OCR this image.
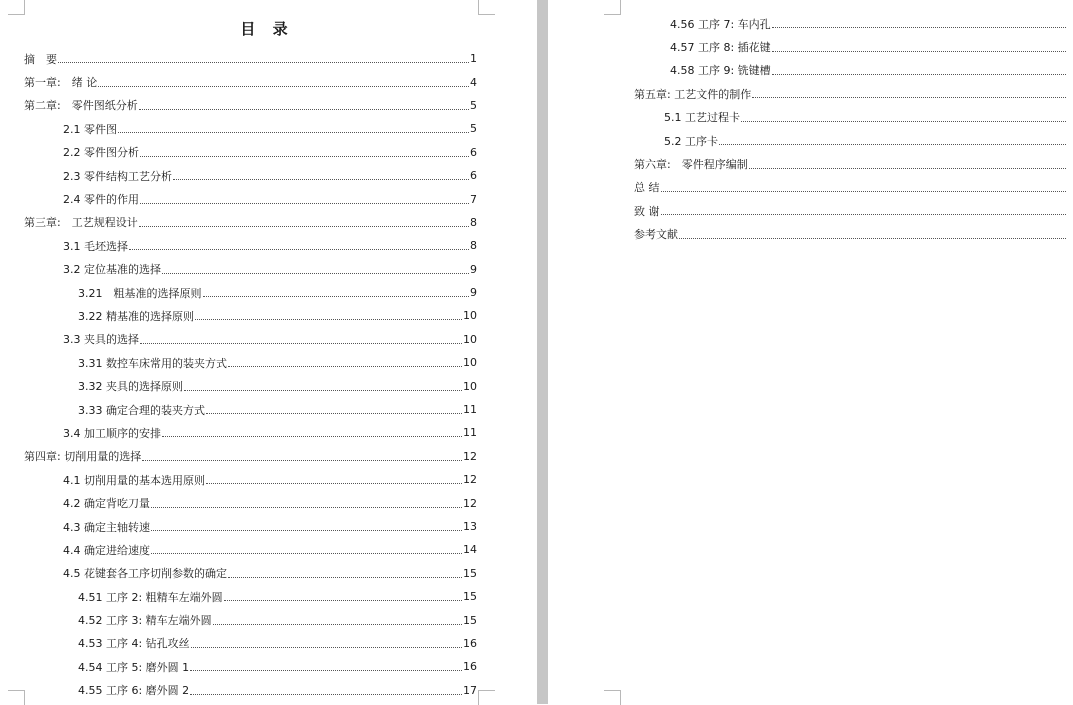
目 录
摘　要	1
第一章:　绪 论	4
第二章:　零件图纸分析	5
2.1 零件图	5
2.2 零件图分析	6
2.3 零件结构工艺分析	6
2.4 零件的作用	7
第三章:　工艺规程设计	8
3.1 毛坯选择	8
3.2 定位基准的选择	9
3.21　粗基准的选择原则	9
3.22 精基准的选择原则	10
3.3 夹具的选择	10
3.31 数控车床常用的装夹方式	10
3.32 夹具的选择原则	10
3.33 确定合理的装夹方式	11
3.4 加工顺序的安排	11
第四章: 切削用量的选择	12
4.1 切削用量的基本选用原则	12
4.2 确定背吃刀量	12
4.3 确定主轴转速	13
4.4 确定进给速度	14
4.5 花键套各工序切削参数的确定	15
4.51 工序 2: 粗精车左端外圆	15
4.52 工序 3: 精车左端外圆	15
4.53 工序 4: 钻孔攻丝	16
4.54 工序 5: 磨外圆 1	16
4.55 工序 6: 磨外圆 2	17
4.56 工序 7: 车内孔
4.57 工序 8: 插花键
4.58 工序 9: 铣键槽
第五章: 工艺文件的制作
5.1 工艺过程卡
5.2 工序卡
第六章:　零件程序编制
总 结
致 谢
参考文献
